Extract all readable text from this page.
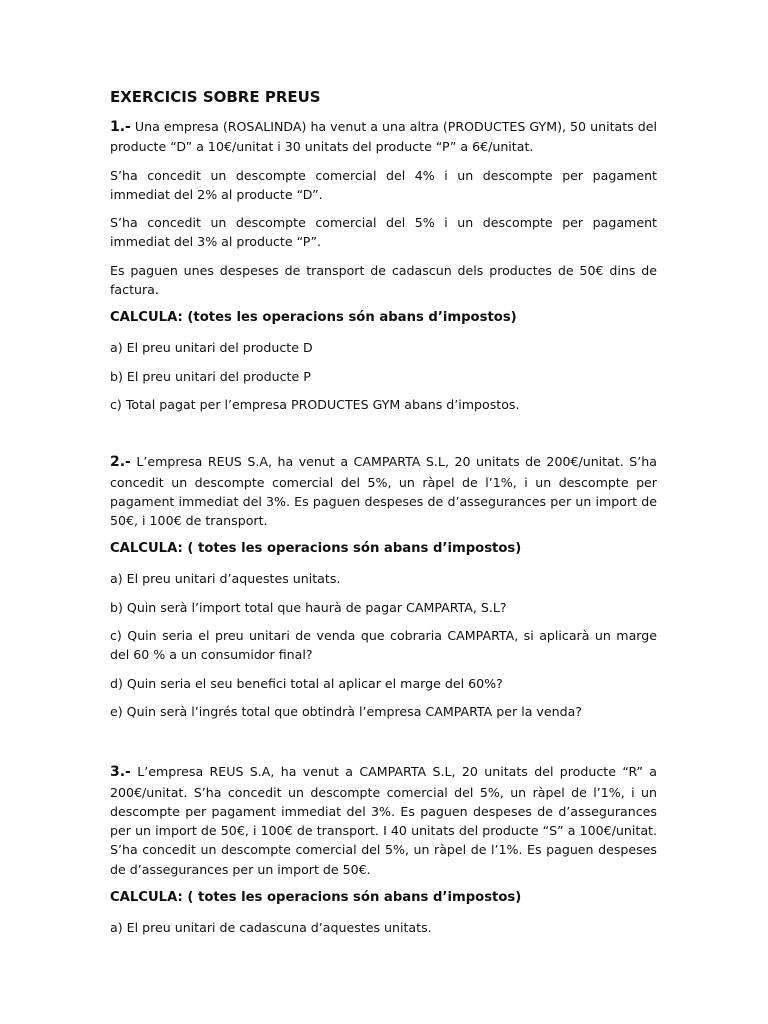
EXERCICIS SOBRE PREUS

1.- Una empresa (ROSALINDA) ha venut a una altra (PRODUCTES GYM), 50 unitats del producte “D” a 10€/unitat i 30 unitats del producte “P” a 6€/unitat.

S’ha concedit un descompte comercial del 4% i un descompte per pagament immediat del 2% al producte “D”.

S’ha concedit un descompte comercial del 5% i un descompte per pagament immediat del 3% al producte “P”.

Es paguen unes despeses de transport de cadascun dels productes de 50€ dins de factura.

CALCULA: (totes les operacions són abans d’impostos)

a) El preu unitari del producte D

b) El preu unitari del producte P

c) Total pagat per l’empresa PRODUCTES GYM abans d’impostos.

2.- L’empresa REUS S.A, ha venut a CAMPARTA S.L, 20 unitats de 200€/unitat. S’ha concedit un descompte comercial del 5%, un ràpel de l’1%, i un descompte per pagament immediat del 3%. Es paguen despeses de d’assegurances per un import de 50€, i 100€ de transport.

CALCULA: ( totes les operacions són abans d’impostos)

a) El preu unitari d’aquestes unitats.

b) Quin serà l’import total que haurà de pagar CAMPARTA, S.L?

c) Quin seria el preu unitari de venda que cobraria CAMPARTA, si aplicarà un marge del 60 % a un consumidor final?

d) Quin seria el seu benefici total al aplicar el marge del 60%?

e) Quin serà l’ingrés total que obtindrà l’empresa CAMPARTA per la venda?

3.- L’empresa REUS S.A, ha venut a CAMPARTA S.L, 20 unitats del producte “R” a 200€/unitat. S’ha concedit un descompte comercial del 5%, un ràpel de l’1%, i un descompte per pagament immediat del 3%. Es paguen despeses de d’assegurances per un import de 50€, i 100€ de transport. I 40 unitats del producte “S” a 100€/unitat. S’ha concedit un descompte comercial del 5%, un ràpel de l’1%. Es paguen despeses de d’assegurances per un import de 50€.

CALCULA: ( totes les operacions són abans d’impostos)

a) El preu unitari de cadascuna d’aquestes unitats.
